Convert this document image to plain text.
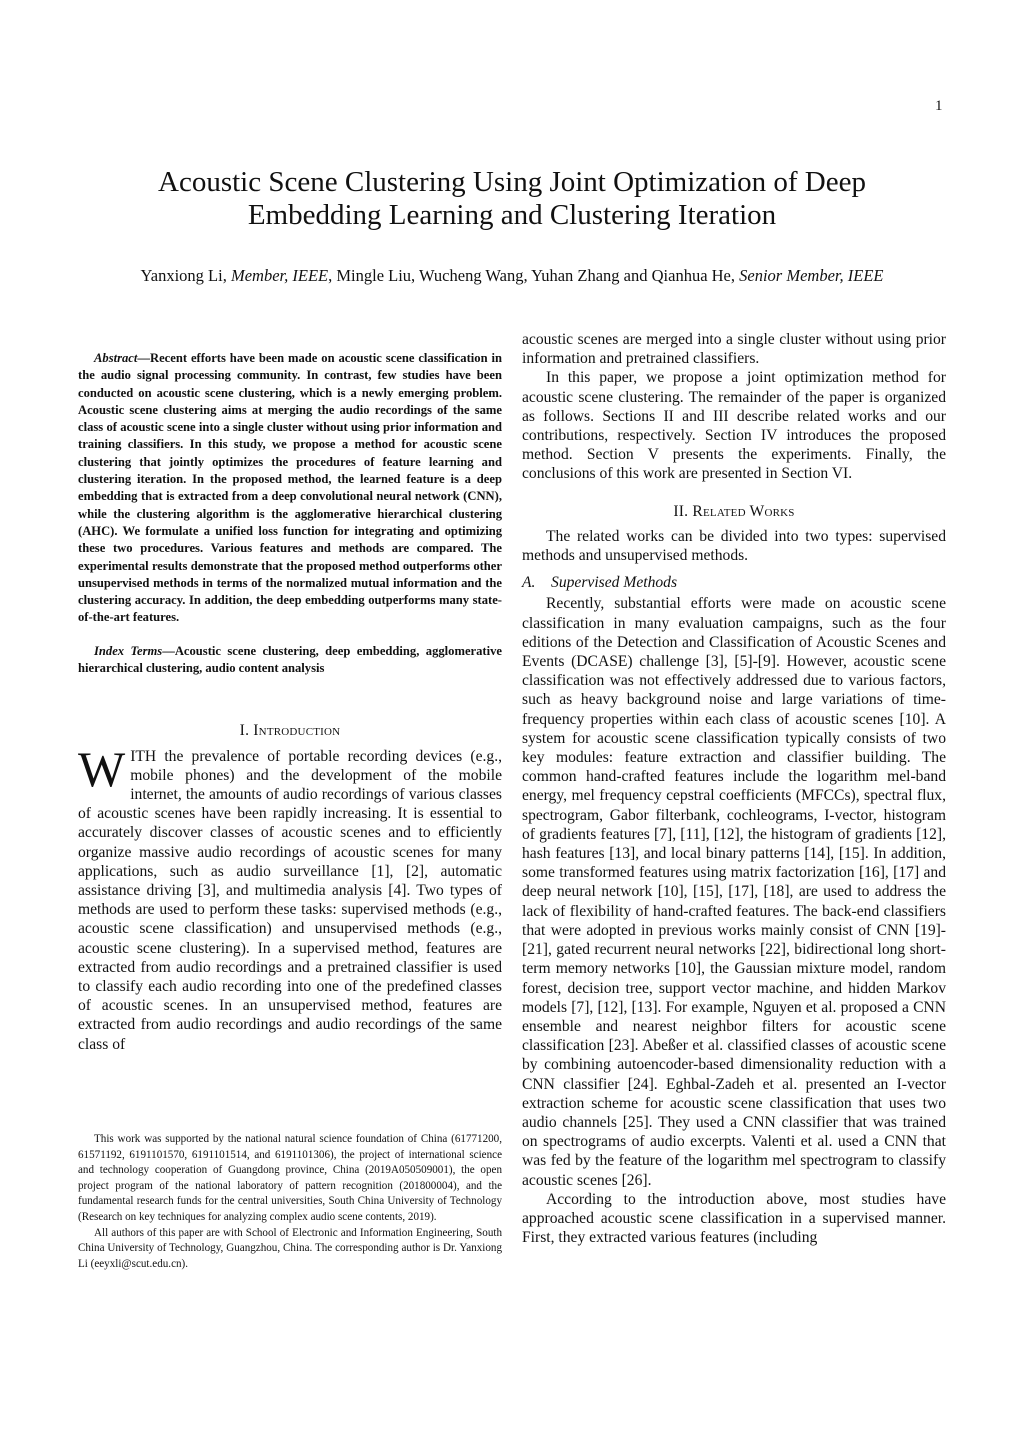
1
Acoustic Scene Clustering Using Joint Optimization of Deep
Embedding Learning and Clustering Iteration
Yanxiong Li, Member, IEEE, Mingle Liu, Wucheng Wang, Yuhan Zhang and Qianhua He, Senior Member, IEEE

Abstract—Recent efforts have been made on acoustic scene classification in the audio signal processing community. In contrast, few studies have been conducted on acoustic scene clustering, which is a newly emerging problem. Acoustic scene clustering aims at merging the audio recordings of the same class of acoustic scene into a single cluster without using prior information and training classifiers. In this study, we propose a method for acoustic scene clustering that jointly optimizes the procedures of feature learning and clustering iteration. In the proposed method, the learned feature is a deep embedding that is extracted from a deep convolutional neural network (CNN), while the clustering algorithm is the agglomerative hierarchical clustering (AHC). We formulate a unified loss function for integrating and optimizing these two procedures. Various features and methods are compared. The experimental results demonstrate that the proposed method outperforms other unsupervised methods in terms of the normalized mutual information and the clustering accuracy. In addition, the deep embedding outperforms many state-of-the-art features.

Index Terms—Acoustic scene clustering, deep embedding, agglomerative hierarchical clustering, audio content analysis

I. Introduction

WITH the prevalence of portable recording devices (e.g., mobile phones) and the development of the mobile internet, the amounts of audio recordings of various classes of acoustic scenes have been rapidly increasing. It is essential to accurately discover classes of acoustic scenes and to efficiently organize massive audio recordings of acoustic scenes for many applications, such as audio surveillance [1], [2], automatic assistance driving [3], and multimedia analysis [4]. Two types of methods are used to perform these tasks: supervised methods (e.g., acoustic scene classification) and unsupervised methods (e.g., acoustic scene clustering). In a supervised method, features are extracted from audio recordings and a pretrained classifier is used to classify each audio recording into one of the predefined classes of acoustic scenes. In an unsupervised method, features are extracted from audio recordings and audio recordings of the same class of

This work was supported by the national natural science foundation of China (61771200, 61571192, 6191101570, 6191101514, and 6191101306), the project of international science and technology cooperation of Guangdong province, China (2019A050509001), the open project program of the national laboratory of pattern recognition (201800004), and the fundamental research funds for the central universities, South China University of Technology (Research on key techniques for analyzing complex audio scene contents, 2019).

All authors of this paper are with School of Electronic and Information Engineering, South China University of Technology, Guangzhou, China. The corresponding author is Dr. Yanxiong Li (eeyxli@scut.edu.cn).

acoustic scenes are merged into a single cluster without using prior information and pretrained classifiers.

In this paper, we propose a joint optimization method for acoustic scene clustering. The remainder of the paper is organized as follows. Sections II and III describe related works and our contributions, respectively. Section IV introduces the proposed method. Section V presents the experiments. Finally, the conclusions of this work are presented in Section VI.

II. Related Works

The related works can be divided into two types: supervised methods and unsupervised methods.

A. Supervised Methods

Recently, substantial efforts were made on acoustic scene classification in many evaluation campaigns, such as the four editions of the Detection and Classification of Acoustic Scenes and Events (DCASE) challenge [3], [5]-[9]. However, acoustic scene classification was not effectively addressed due to various factors, such as heavy background noise and large variations of time-frequency properties within each class of acoustic scenes [10]. A system for acoustic scene classification typically consists of two key modules: feature extraction and classifier building. The common hand-crafted features include the logarithm mel-band energy, mel frequency cepstral coefficients (MFCCs), spectral flux, spectrogram, Gabor filterbank, cochleograms, I-vector, histogram of gradients features [7], [11], [12], the histogram of gradients [12], hash features [13], and local binary patterns [14], [15]. In addition, some transformed features using matrix factorization [16], [17] and deep neural network [10], [15], [17], [18], are used to address the lack of flexibility of hand-crafted features. The back-end classifiers that were adopted in previous works mainly consist of CNN [19]-[21], gated recurrent neural networks [22], bidirectional long short-term memory networks [10], the Gaussian mixture model, random forest, decision tree, support vector machine, and hidden Markov models [7], [12], [13]. For example, Nguyen et al. proposed a CNN ensemble and nearest neighbor filters for acoustic scene classification [23]. Abeßer et al. classified classes of acoustic scene by combining autoencoder-based dimensionality reduction with a CNN classifier [24]. Eghbal-Zadeh et al. presented an I-vector extraction scheme for acoustic scene classification that uses two audio channels [25]. They used a CNN classifier that was trained on spectrograms of audio excerpts. Valenti et al. used a CNN that was fed by the feature of the logarithm mel spectrogram to classify acoustic scenes [26].

According to the introduction above, most studies have approached acoustic scene classification in a supervised manner. First, they extracted various features (including
